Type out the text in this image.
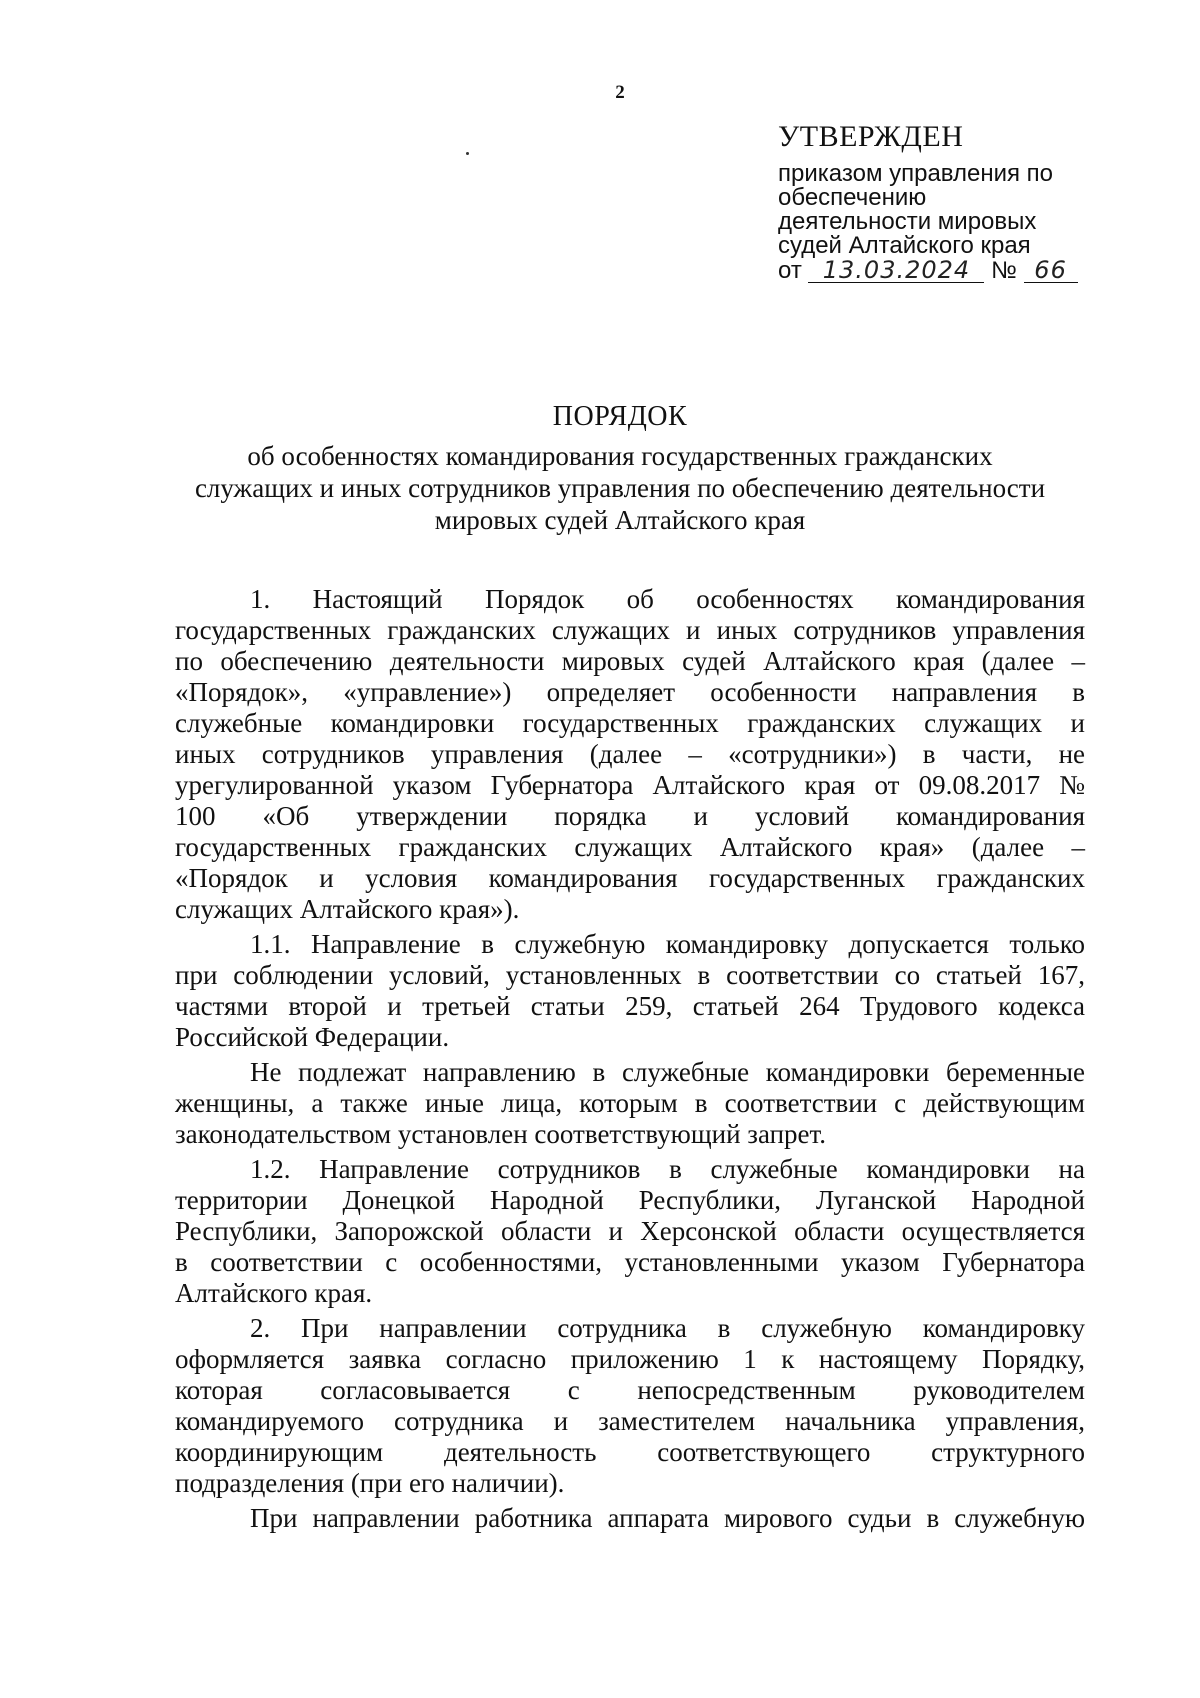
2
УТВЕРЖДЕН
приказом управления по
обеспечению
деятельности мировых
судей Алтайского края
от 13.03.2024 № 66
ПОРЯДОК
об особенностях командирования государственных гражданских
служащих и иных сотрудников управления по обеспечению деятельности
мировых судей Алтайского края
1. Настоящий Порядок об особенностях командирования
государственных гражданских служащих и иных сотрудников управления
по обеспечению деятельности мировых судей Алтайского края (далее –
«Порядок», «управление») определяет особенности направления в
служебные командировки государственных гражданских служащих и
иных сотрудников управления (далее – «сотрудники») в части, не
урегулированной указом Губернатора Алтайского края от 09.08.2017 №
100 «Об утверждении порядка и условий командирования
государственных гражданских служащих Алтайского края» (далее –
«Порядок и условия командирования государственных гражданских
служащих Алтайского края»).
1.1. Направление в служебную командировку допускается только
при соблюдении условий, установленных в соответствии со статьей 167,
частями второй и третьей статьи 259, статьей 264 Трудового кодекса
Российской Федерации.
Не подлежат направлению в служебные командировки беременные
женщины, а также иные лица, которым в соответствии с действующим
законодательством установлен соответствующий запрет.
1.2. Направление сотрудников в служебные командировки на
территории Донецкой Народной Республики, Луганской Народной
Республики, Запорожской области и Херсонской области осуществляется
в соответствии с особенностями, установленными указом Губернатора
Алтайского края.
2. При направлении сотрудника в служебную командировку
оформляется заявка согласно приложению 1 к настоящему Порядку,
которая согласовывается с непосредственным руководителем
командируемого сотрудника и заместителем начальника управления,
координирующим деятельность соответствующего структурного
подразделения (при его наличии).
При направлении работника аппарата мирового судьи в служебную
